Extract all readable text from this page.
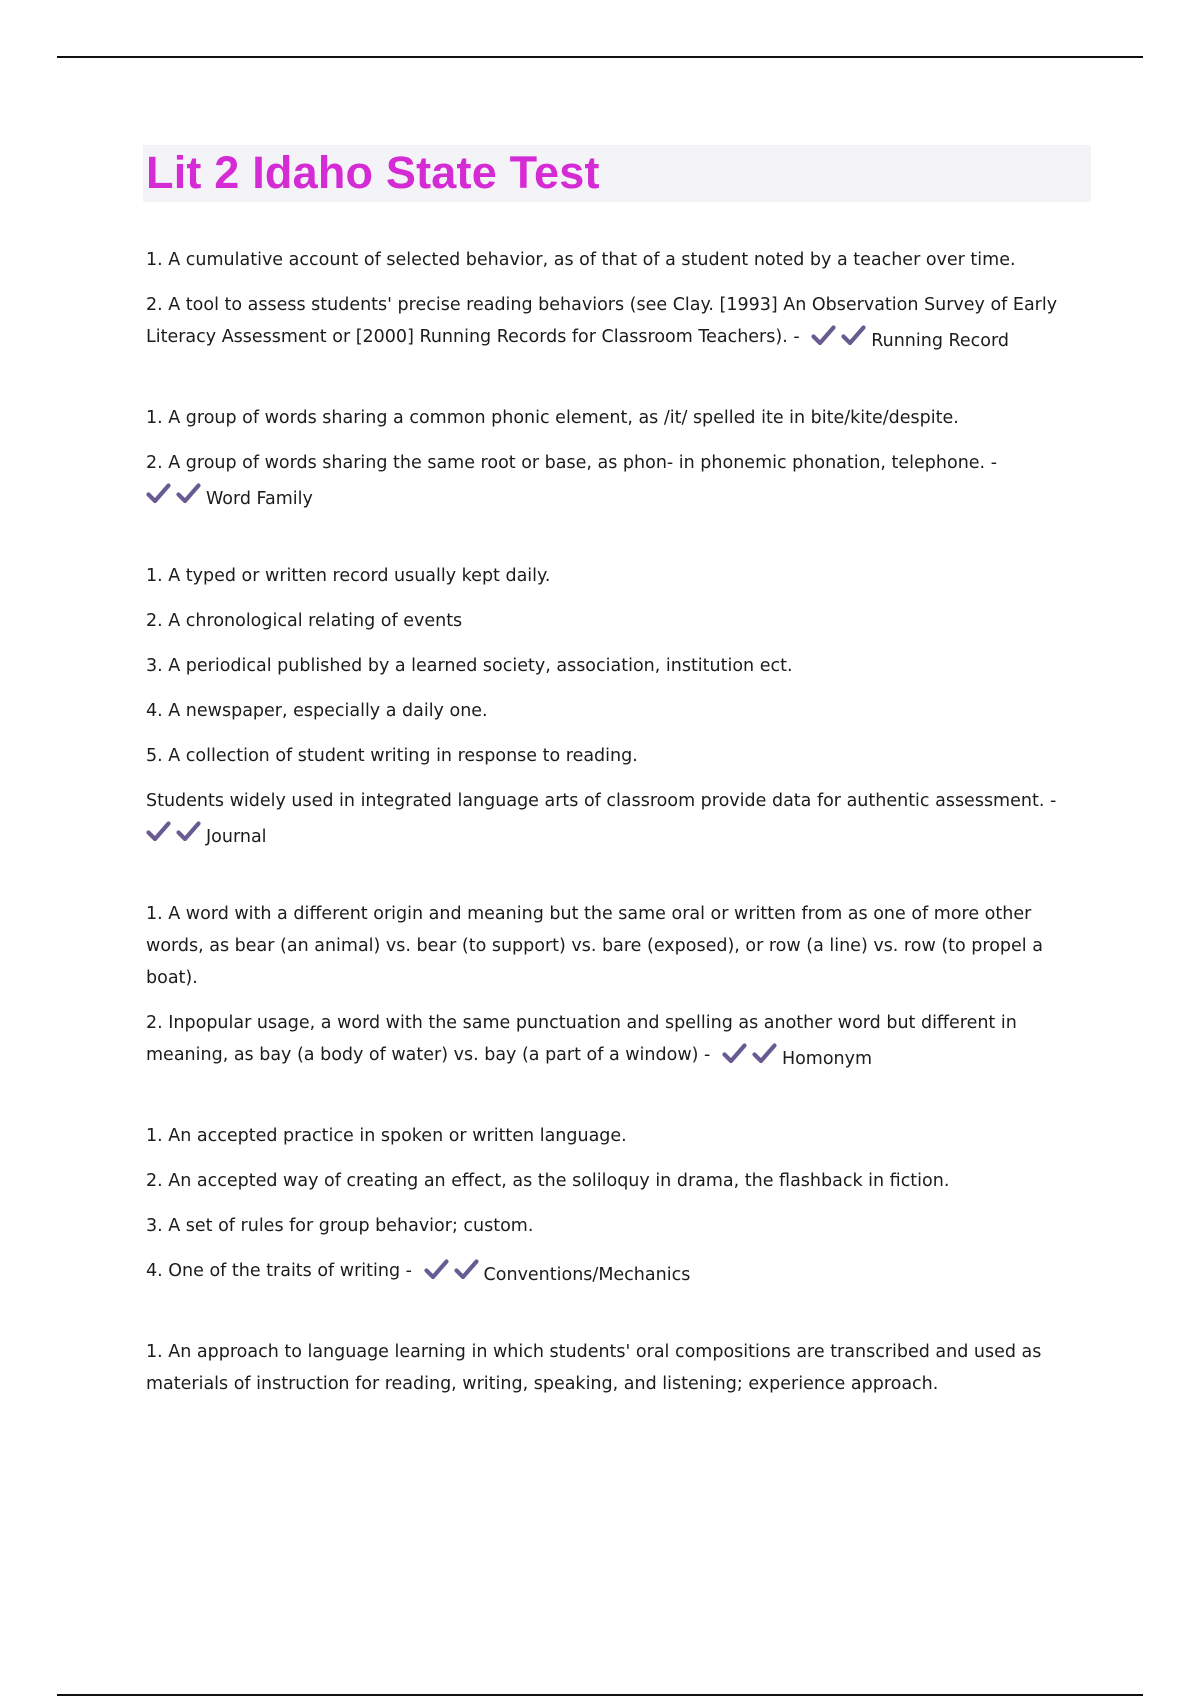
Lit 2 Idaho State Test

1. A cumulative account of selected behavior, as of that of a student noted by a teacher over time.

2. A tool to assess students' precise reading behaviors (see Clay. [1993] An Observation Survey of Early Literacy Assessment or [2000] Running Records for Classroom Teachers). -	Running Record

1. A group of words sharing a common phonic element, as /it/ spelled ite in bite/kite/despite.

2. A group of words sharing the same root or base, as phon- in phonemic phonation, telephone. -
Word Family

1. A typed or written record usually kept daily.

2. A chronological relating of events

3. A periodical published by a learned society, association, institution ect.

4. A newspaper, especially a daily one.

5. A collection of student writing in response to reading.

Students widely used in integrated language arts of classroom provide data for authentic assessment. -
Journal

1. A word with a different origin and meaning but the same oral or written from as one of more other words, as bear (an animal) vs. bear (to support) vs. bare (exposed), or row (a line) vs. row (to propel a boat).

2. Inpopular usage, a word with the same punctuation and spelling as another word but different in meaning, as bay (a body of water) vs. bay (a part of a window) -	Homonym

1. An accepted practice in spoken or written language.

2. An accepted way of creating an effect, as the soliloquy in drama, the flashback in fiction.

3. A set of rules for group behavior; custom.

4. One of the traits of writing -	Conventions/Mechanics

1. An approach to language learning in which students' oral compositions are transcribed and used as materials of instruction for reading, writing, speaking, and listening; experience approach.
